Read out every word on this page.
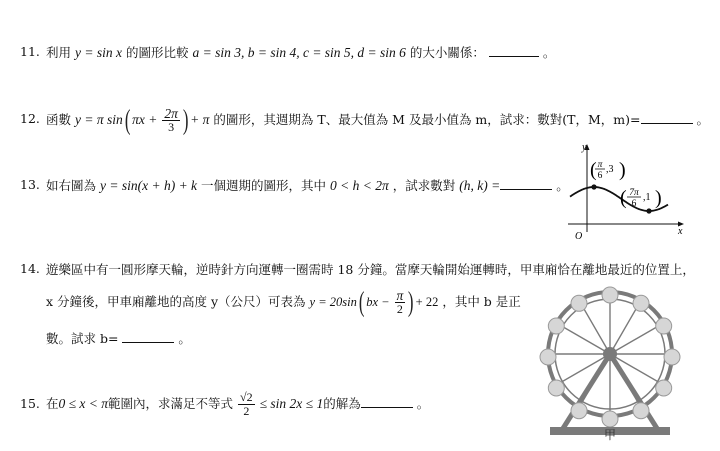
11. 利用 y = sin x 的圖形比較 a = sin 3, b = sin 4, c = sin 5, d = sin 6 的大小關係：	。
12. 函數 y = π sin( $\pi x + \frac{2\pi}{3}$ ) + π 的圖形，其週期為 T、最大值為 M 及最小值為 m，試求：數對(T，M，m)=	。
13. 如右圖為 y = sin(x + h) + k 一個週期的圖形，其中 0 < h < 2π ，試求數對 (h, k) =	。
y
x
O
( π
6
,3 )
( 7π
6
,1 )
14. 遊樂區中有一圓形摩天輪，逆時針方向運轉一圈需時 18 分鐘。當摩天輪開始運轉時，甲車廂恰在離地最近的位置上，
x 分鐘後，甲車廂離地的高度 y（公尺）可表為 y = 20sin( bx − $\frac{\pi}{2}$ ) + 22 ，其中 b 是正
數。試求 b=	。
甲
15. 在0 ≤ x < π範圍內，求滿足不等式 $\frac{√2}{2} \le \sin 2x \le 1$的解為	。
